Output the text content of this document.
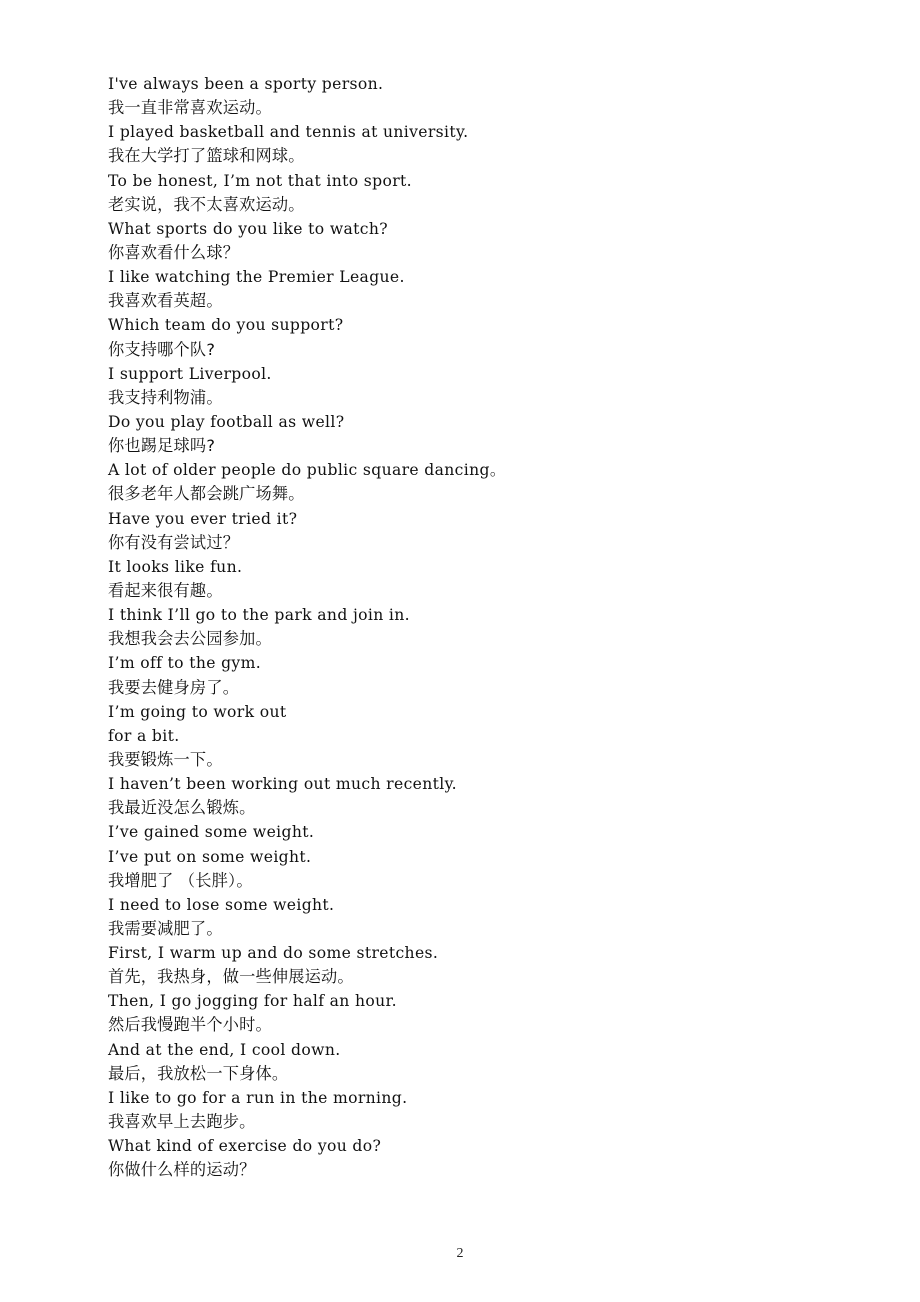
I've always been a sporty person.
我一直非常喜欢运动。
I played basketball and tennis at university.
我在大学打了篮球和网球。
To be honest, I’m not that into sport.
老实说，我不太喜欢运动。
What sports do you like to watch?
你喜欢看什么球？
I like watching the Premier League.
我喜欢看英超。
Which team do you support?
你支持哪个队?
I support Liverpool.
我支持利物浦。
Do you play football as well?
你也踢足球吗?
A lot of older people do public square dancing。
很多老年人都会跳广场舞。
Have you ever tried it?
你有没有尝试过？
It looks like fun.
看起来很有趣。
I think I’ll go to the park and join in.
我想我会去公园参加。
I’m off to the gym.
我要去健身房了。
I’m going to work out
for a bit.
我要锻炼一下。
I haven’t been working out much recently.
我最近没怎么锻炼。
I’ve gained some weight.
I’ve put on some weight.
我增肥了 （长胖）。
I need to lose some weight.
我需要减肥了。
First, I warm up and do some stretches.
首先，我热身，做一些伸展运动。
Then, I go jogging for half an hour.
然后我慢跑半个小时。
And at the end, I cool down.
最后，我放松一下身体。
I like to go for a run in the morning.
我喜欢早上去跑步。
What kind of exercise do you do?
你做什么样的运动？
2
